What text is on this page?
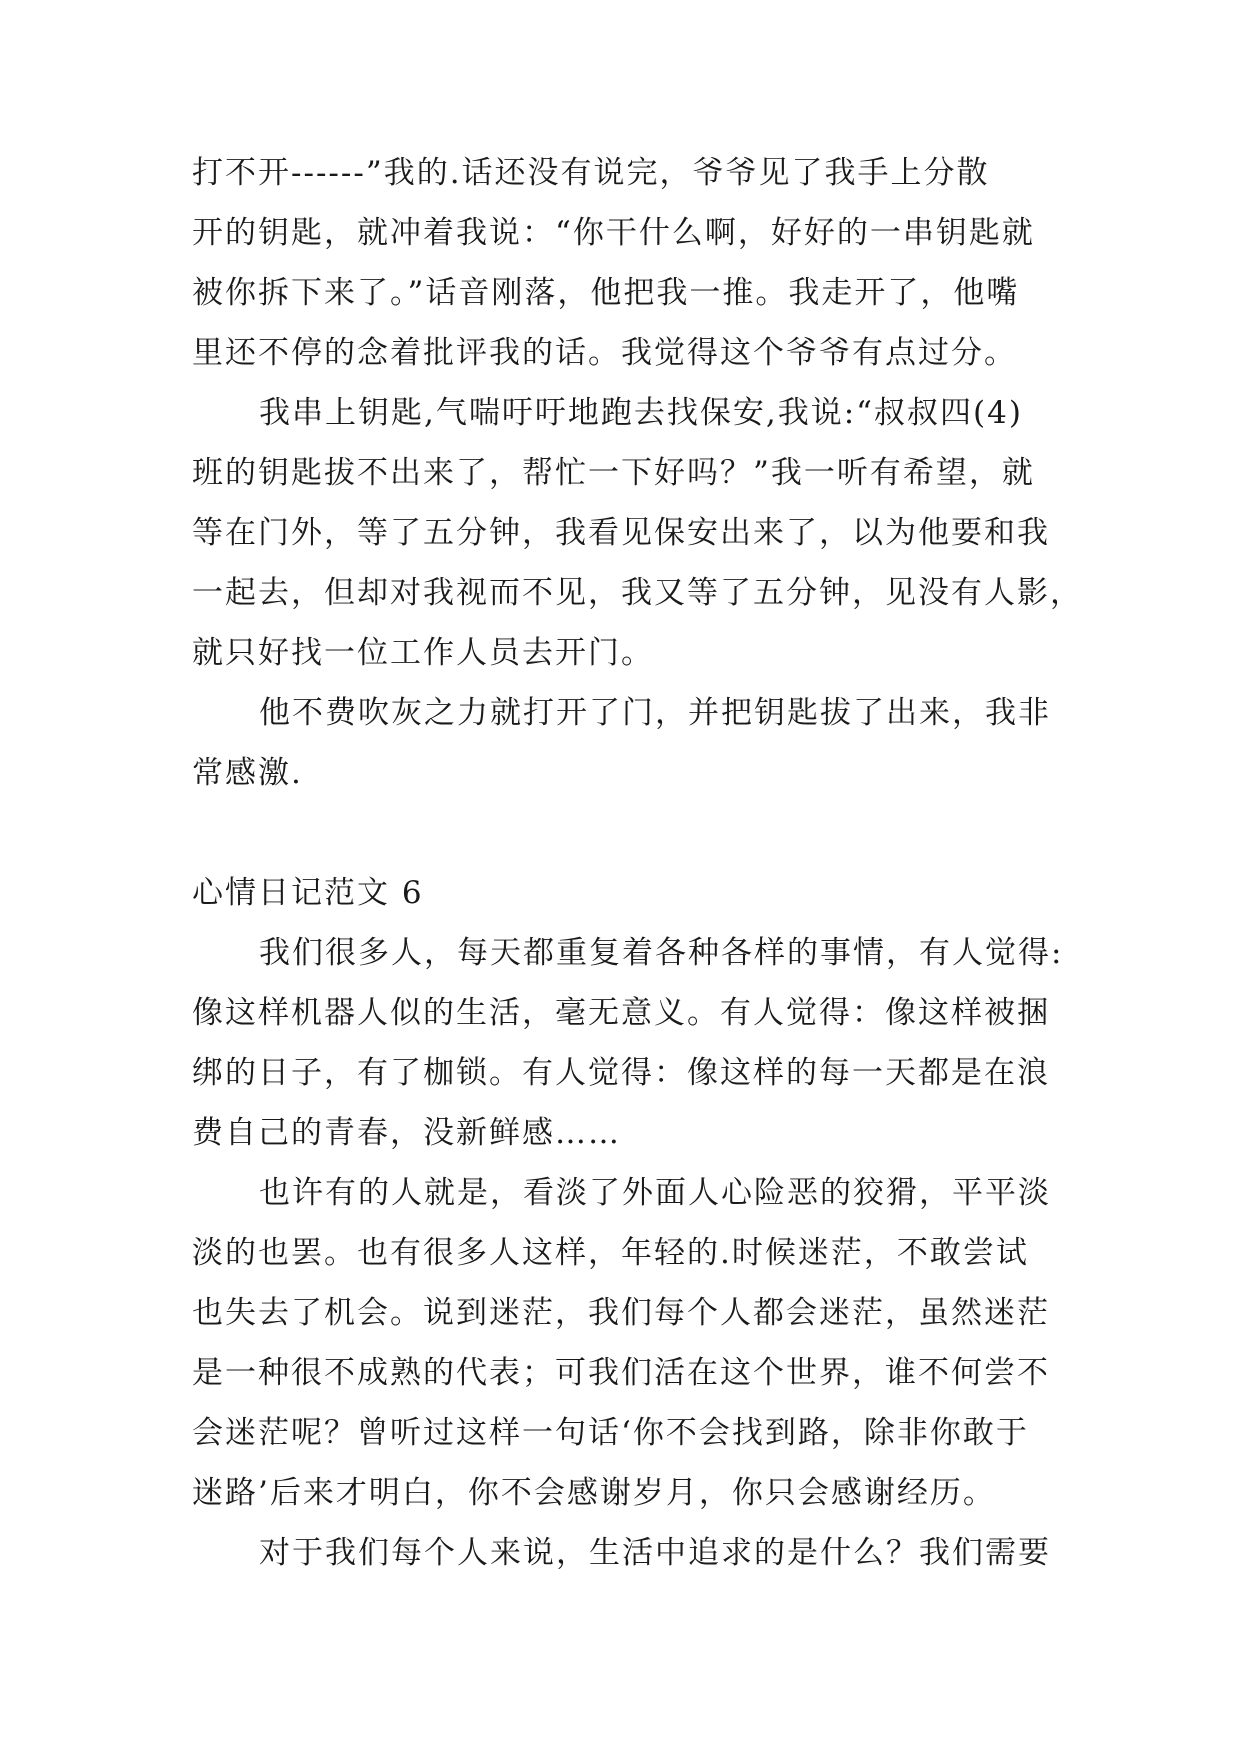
打不开------”我的.话还没有说完，爷爷见了我手上分散
开的钥匙，就冲着我说：“你干什么啊，好好的一串钥匙就
被你拆下来了。”话音刚落，他把我一推。我走开了，他嘴
里还不停的念着批评我的话。我觉得这个爷爷有点过分。
我串上钥匙,气喘吁吁地跑去找保安,我说:“叔叔四(4)
班的钥匙拔不出来了，帮忙一下好吗？”我一听有希望，就
等在门外，等了五分钟，我看见保安出来了，以为他要和我
一起去，但却对我视而不见，我又等了五分钟，见没有人影，
就只好找一位工作人员去开门。
他不费吹灰之力就打开了门，并把钥匙拔了出来，我非
常感激.
心情日记范文 6
我们很多人，每天都重复着各种各样的事情，有人觉得:
像这样机器人似的生活，毫无意义。有人觉得：像这样被捆
绑的日子，有了枷锁。有人觉得：像这样的每一天都是在浪
费自己的青春，没新鲜感……
也许有的人就是，看淡了外面人心险恶的狡猾，平平淡
淡的也罢。也有很多人这样，年轻的.时候迷茫，不敢尝试
也失去了机会。说到迷茫，我们每个人都会迷茫，虽然迷茫
是一种很不成熟的代表；可我们活在这个世界，谁不何尝不
会迷茫呢？曾听过这样一句话‘你不会找到路，除非你敢于
迷路’后来才明白，你不会感谢岁月，你只会感谢经历。
对于我们每个人来说，生活中追求的是什么？我们需要
